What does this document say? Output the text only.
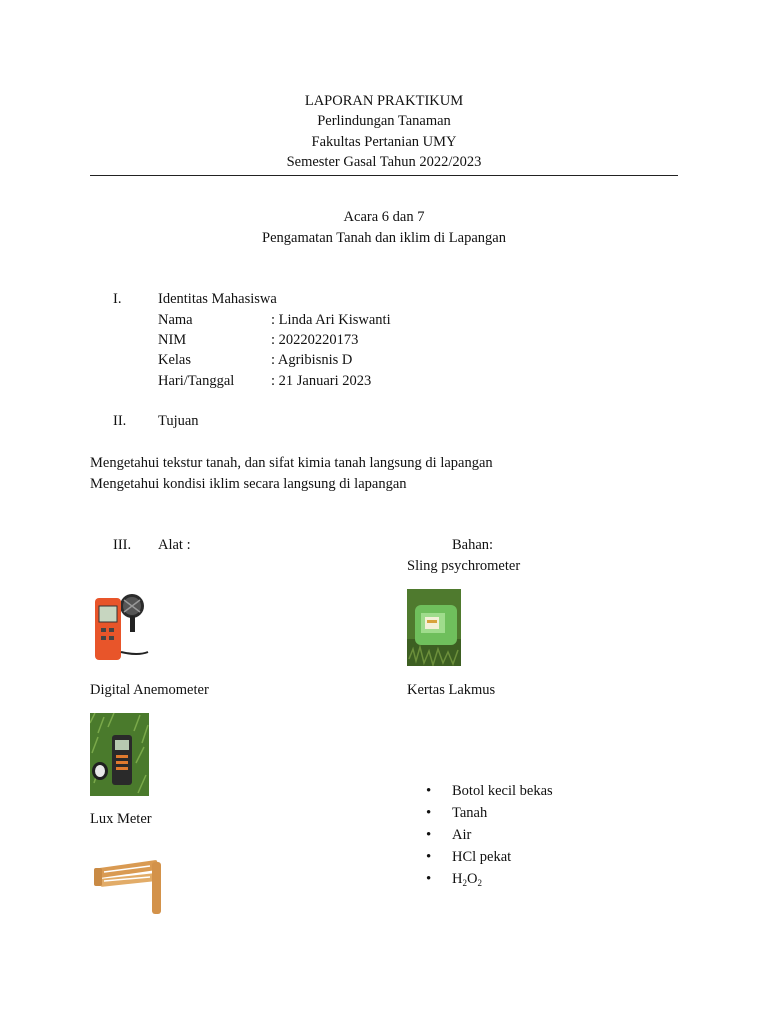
LAPORAN PRAKTIKUM
Perlindungan Tanaman
Fakultas Pertanian UMY
Semester Gasal Tahun 2022/2023
Acara 6 dan 7
Pengamatan Tanah dan iklim di Lapangan
I.	Identitas Mahasiswa
Nama	: Linda Ari Kiswanti
NIM	: 20220220173
Kelas	: Agribisnis D
Hari/Tanggal	: 21 Januari 2023
II. Tujuan
Mengetahui tekstur tanah, dan sifat kimia tanah langsung di lapangan
Mengetahui kondisi iklim secara langsung di lapangan
III. Alat :	Bahan:
Sling psychrometer
Digital Anemometer	Kertas Lakmus
Lux Meter
• Botol kecil bekas
• Tanah
• Air
• HCl pekat
• $H_2O_2$
